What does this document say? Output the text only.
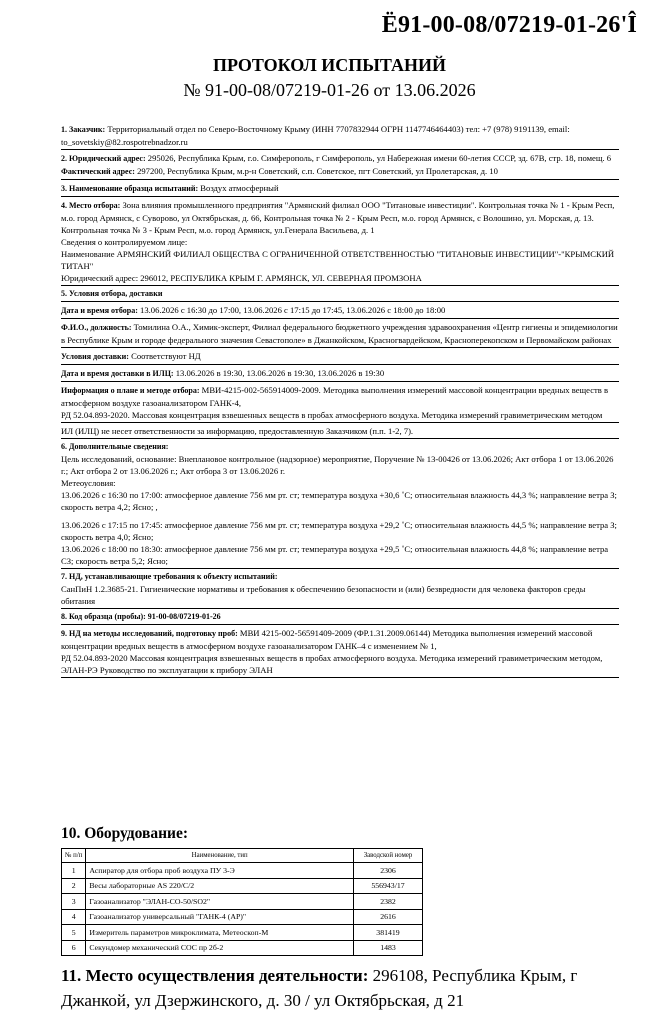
Ё91-00-08/07219-01-26'Î
ПРОТОКОЛ ИСПЫТАНИЙ
№ 91-00-08/07219-01-26 от 13.06.2026

1. Заказчик: Территориальный отдел по Северо-Восточному Крыму (ИНН 7707832944 ОГРН 1147746464403) тел: +7 (978) 9191139, email: to_sovetskiy@82.rospotrebnadzor.ru

2. Юридический адрес: 295026, Республика Крым, г.о. Симферополь, г Симферополь, ул Набережная имени 60-летия СССР, зд. 67В, стр. 18, помещ. 6

Фактический адрес: 297200, Республика Крым, м.р-н Советский, с.п. Советское, пгт Советский, ул Пролетарская, д. 10

3. Наименование образца испытаний: Воздух атмосферный

4. Место отбора: Зона влияния промышленного предприятия "Армянский филиал ООО "Титановые инвестиции". Контрольная точка № 1 - Крым Респ, м.о. город Армянск, с Суворово, ул Октябрьская, д. 66, Контрольная точка № 2 - Крым Респ, м.о. город Армянск, с Волошино, ул. Морская, д. 13. Контрольная точка № 3 - Крым Респ, м.о. город Армянск, ул.Генерала Васильева, д. 1

Сведения о контролируемом лице:

Наименование АРМЯНСКИЙ ФИЛИАЛ ОБЩЕСТВА С ОГРАНИЧЕННОЙ ОТВЕТСТВЕННОСТЬЮ "ТИТАНОВЫЕ ИНВЕСТИЦИИ"-"КРЫМСКИЙ ТИТАН"

Юридический адрес: 296012, РЕСПУБЛИКА КРЫМ Г. АРМЯНСК, УЛ. СЕВЕРНАЯ ПРОМЗОНА

5. Условия отбора, доставки

Дата и время отбора: 13.06.2026 с 16:30 до 17:00, 13.06.2026 с 17:15 до 17:45, 13.06.2026 с 18:00 до 18:00

Ф.И.О., должность: Томилина О.А., Химик-эксперт, Филиал федерального бюджетного учреждения здравоохранения «Центр гигиены и эпидемиологии в Республике Крым и городе федерального значения Севастополе» в Джанкойском, Красногвардейском, Краснoперекопском и Первомайском районах

Условия доставки: Соответствуют НД

Дата и время доставки в ИЛЦ: 13.06.2026 в 19:30, 13.06.2026 в 19:30, 13.06.2026 в 19:30

Информация о плане и методе отбора: МВИ-4215-002-565914009-2009. Методика выполнения измерений массовой концентрации вредных веществ в атмосферном воздухе газоанализатором ГАНК-4,

РД 52.04.893-2020. Массовая концентрация взвешенных веществ в пробах атмосферного воздуха. Методика измерений гравиметрическим методом

ИЛ (ИЛЦ) не несет ответственности за информацию, предоставленную Заказчиком (п.п. 1-2, 7).

6. Дополнительные сведения:

Цель исследований, основание: Внеплановое контрольное (надзорное) мероприятие, Поручение № 13-00426 от 13.06.2026; Акт отбора 1 от 13.06.2026 г.; Акт отбора 2 от 13.06.2026 г.; Акт отбора 3 от 13.06.2026 г.

Метеоусловия:

13.06.2026 с 16:30 по 17:00: атмосферное давление 756 мм рт. ст; температура воздуха +30,6 ˚С; относительная влажность 44,3 %; направление ветра З; скорость ветра 4,2; Ясно; ,

13.06.2026 с 17:15 по 17:45: атмосферное давление 756 мм рт. ст; температура воздуха +29,2 ˚С; относительная влажность 44,5 %; направление ветра З; скорость ветра 4,0; Ясно;

13.06.2026 с 18:00 по 18:30: атмосферное давление 756 мм рт. ст; температура воздуха +29,5 ˚С; относительная влажность 44,8 %; направление ветра СЗ; скорость ветра 5,2; Ясно;

7. НД, устанавливающие требования к объекту испытаний:

СанПиН 1.2.3685-21. Гигиенические нормативы и требования к обеспечению безопасности и (или) безвредности для человека факторов среды обитания

8. Код образца (пробы): 91-00-08/07219-01-26

9. НД на методы исследований, подготовку проб: МВИ 4215-002-56591409-2009 (ФР.1.31.2009.06144) Методика выполнения измерений массовой концентрации вредных веществ в атмосферном воздухе газоанализатором ГАНК–4 с изменением № 1,

РД 52.04.893-2020 Массовая концентрация взвешенных веществ в пробах атмосферного воздуха. Методика измерений гравиметрическим методом,

ЭЛАН-РЭ Руководство по эксплуатации к прибору ЭЛАН

10. Оборудование:
№ п/п	Наименование, тип	Заводской номер
1	Аспиратор для отбора проб воздуха ПУ 3-Э	2306
2	Весы лабораторные AS 220/C/2	556943/17
3	Газоанализатор "ЭЛАН-СО-50/SO2"	2382
4	Газоанализатор универсальный "ГАНК-4 (АР)"	2616
5	Измеритель параметров микроклимата, Метеоскоп-М	381419
6	Секундомер механический СОС пр 2б-2	1483
11. Место осуществления деятельности: 296108, Республика Крым, г Джанкой, ул Дзержинского, д. 30 / ул Октябрьская, д 21
